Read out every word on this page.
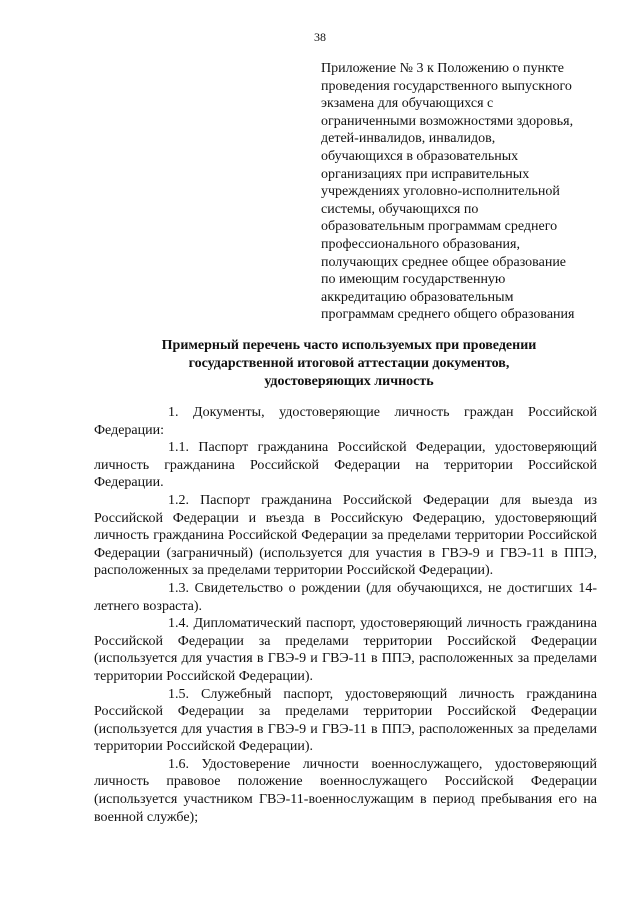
38
Приложение № 3 к Положению о пункте
проведения государственного выпускного
экзамена для обучающихся с
ограниченными возможностями здоровья,
детей-инвалидов, инвалидов,
обучающихся в образовательных
организациях при исправительных
учреждениях уголовно-исполнительной
системы, обучающихся по
образовательным программам среднего
профессионального образования,
получающих среднее общее образование
по имеющим государственную
аккредитацию образовательным
программам среднего общего образования
Примерный перечень часто используемых при проведении
государственной итоговой аттестации документов,
удостоверяющих личность

1. Документы, удостоверяющие личность граждан Российской Федерации:

1.1. Паспорт гражданина Российской Федерации, удостоверяющий личность гражданина Российской Федерации на территории Российской Федерации.

1.2. Паспорт гражданина Российской Федерации для выезда из Российской Федерации и въезда в Российскую Федерацию, удостоверяющий личность гражданина Российской Федерации за пределами территории Российской Федерации (заграничный) (используется для участия в ГВЭ-9 и ГВЭ-11 в ППЭ, расположенных за пределами территории Российской Федерации).

1.3. Свидетельство о рождении (для обучающихся, не достигших 14-летнего возраста).

1.4. Дипломатический паспорт, удостоверяющий личность гражданина Российской Федерации за пределами территории Российской Федерации (используется для участия в ГВЭ-9 и ГВЭ-11 в ППЭ, расположенных за пределами территории Российской Федерации).

1.5. Служебный паспорт, удостоверяющий личность гражданина Российской Федерации за пределами территории Российской Федерации (используется для участия в ГВЭ-9 и ГВЭ-11 в ППЭ, расположенных за пределами территории Российской Федерации).

1.6. Удостоверение личности военнослужащего, удостоверяющий личность правовое положение военнослужащего Российской Федерации (используется участником ГВЭ-11-военнослужащим в период пребывания его на военной службе);
